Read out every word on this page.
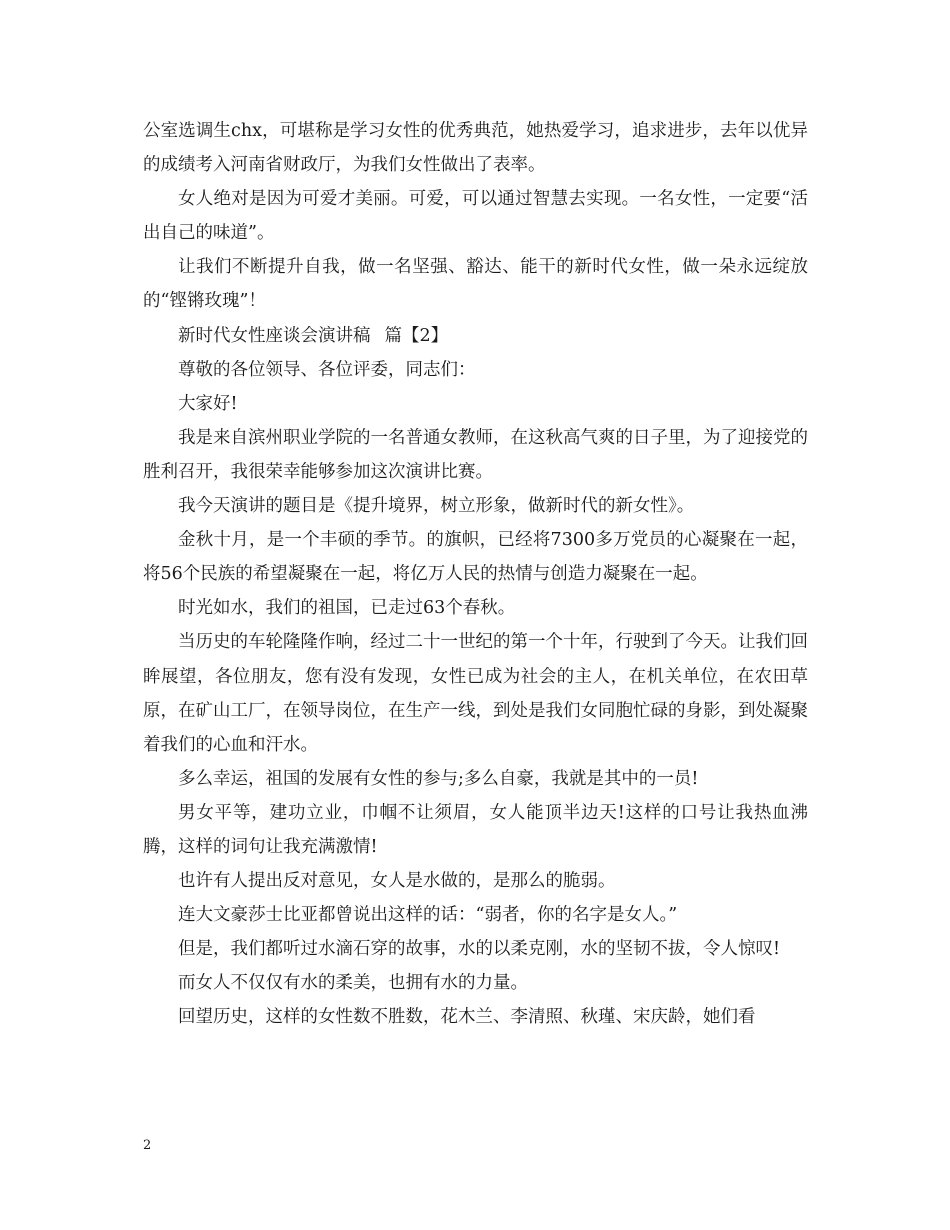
公室选调生chx，可堪称是学习女性的优秀典范，她热爱学习，追求进步，去年以优异的成绩考入河南省财政厅，为我们女性做出了表率。

女人绝对是因为可爱才美丽。可爱，可以通过智慧去实现。一名女性，一定要“活出自己的味道”。

让我们不断提升自我，做一名坚强、豁达、能干的新时代女性，做一朵永远绽放的“铿锵玫瑰”！

新时代女性座谈会演讲稿 篇【2】

尊敬的各位领导、各位评委，同志们：

大家好!

我是来自滨州职业学院的一名普通女教师，在这秋高气爽的日子里，为了迎接党的胜利召开，我很荣幸能够参加这次演讲比赛。

我今天演讲的题目是《提升境界，树立形象，做新时代的新女性》。

金秋十月，是一个丰硕的季节。的旗帜，已经将7300多万党员的心凝聚在一起，将56个民族的希望凝聚在一起，将亿万人民的热情与创造力凝聚在一起。

时光如水，我们的祖国，已走过63个春秋。

当历史的车轮隆隆作响，经过二十一世纪的第一个十年，行驶到了今天。让我们回眸展望，各位朋友，您有没有发现，女性已成为社会的主人，在机关单位，在农田草原，在矿山工厂，在领导岗位，在生产一线，到处是我们女同胞忙碌的身影，到处凝聚着我们的心血和汗水。

多么幸运，祖国的发展有女性的参与;多么自豪，我就是其中的一员!

男女平等，建功立业，巾帼不让须眉，女人能顶半边天!这样的口号让我热血沸腾，这样的词句让我充满激情!

也许有人提出反对意见，女人是水做的，是那么的脆弱。

连大文豪莎士比亚都曾说出这样的话：“弱者，你的名字是女人。”

但是，我们都听过水滴石穿的故事，水的以柔克刚，水的坚韧不拔，令人惊叹!

而女人不仅仅有水的柔美，也拥有水的力量。

回望历史，这样的女性数不胜数，花木兰、李清照、秋瑾、宋庆龄，她们看

2
